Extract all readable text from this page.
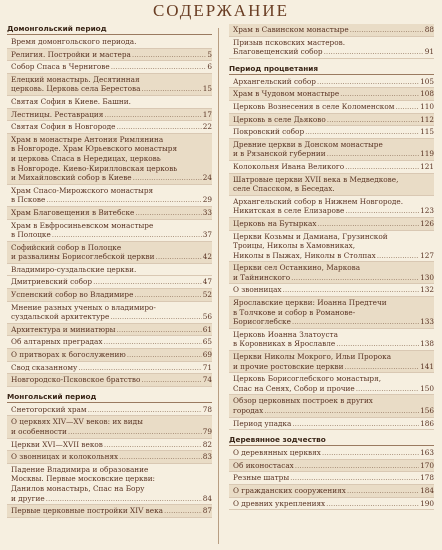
СОДЕРЖАНИЕ
Домонгольский период
Время домонгольского периода.
Религия. Постройки и мастера .....	5
Собор Спаса в Чернигове .....	6
Елецкий монастырь. Десятинная
церковь. Церковь села Берестова .....	15
Святая София в Киеве. Башни.
Лестницы. Реставрация .....	17
Святая София в Новгороде .....	22
Храм в монастыре Антония Римлянина
в Новгороде. Храм Юрьевского монастыря
и церковь Спаса в Нередицах, церковь
в Новгороде. Киево-Кирилловская церковь
и Михайловский собор в Киеве .....	24
Храм Спасо-Мирожского монастыря
в Пскове .....	29
Храм Благовещения в Витебске .....	33
Храм в Евфросиньевском монастыре
в Полоцке .....	37
Софийский собор в Полоцке
и развалины Борисоглебской церкви .....	42
Владимиро-суздальские церкви.
Дмитриевский собор .....	47
Успенский собор во Владимире .....	52
Мнение разных ученых о владимиро-
суздальской архитектуре .....	56
Архитектура и миниатюры .....	61
Об алтарных преградах .....	65
О притворах к богослужению .....	69
Свод сказанному .....	71
Новгородско-Псковское братство .....	74
Монгольский период
Снетогорский храм .....	78
О церквях XIV—XV веков: их виды
и особенности .....	79
Церкви XVI—XVII веков .....	82
О звонницах и колокольнях .....	83
Падение Владимира и образование
Москвы. Первые московские церкви:
Данилов монастырь, Спас на Бору
и другие .....	84
Первые церковные постройки XIV века .....	87
Храм в Савинском монастыре .....	88
Призыв псковских мастеров.
Благовещенский собор .....	91
Период процветания
Архангельский собор .....	105
Храм в Чудовом монастыре .....	108
Церковь Вознесения в селе Коломенском .....	110
Церковь в селе Дьяково .....	112
Покровский собор .....	115
Древние церкви в Донском монастыре
и в Рязанской губернии .....	119
Колокольня Ивана Великого .....	121
Шатровые церкви XVII века в Медведкове,
селе Спасском, в Беседах.
Архангельский собор в Нижнем Новгороде.
Никитская в селе Елизарове .....	123
Церковь на Бутырках .....	126
Церкви Козьмы и Дамиана, Грузинской
Троицы, Николы в Хамовниках,
Николы в Пыжах, Николы в Столпах .....	127
Церкви сел Останкино, Маркова
и Тайнинского .....	130
О звонницах .....	132
Ярославские церкви: Иоанна Предтечи
в Толчкове и собор в Романове-
Борисоглебске .....	133
Церковь Иоанна Златоуста
в Коровниках в Ярославле .....	138
Церкви Николы Мокрого, Ильи Пророка
и прочие ростовские церкви .....	141
Церковь Борисоглебского монастыря,
Спас на Сенях, Собор и прочие .....	150
Обзор церковных построек в других
городах .....	156
Период упадка .....	186
Деревянное зодчество
О деревянных церквях .....	163
Об иконостасах .....	170
Резные шатры .....	178
О гражданских сооружениях .....	184
О древних укреплениях .....	190
